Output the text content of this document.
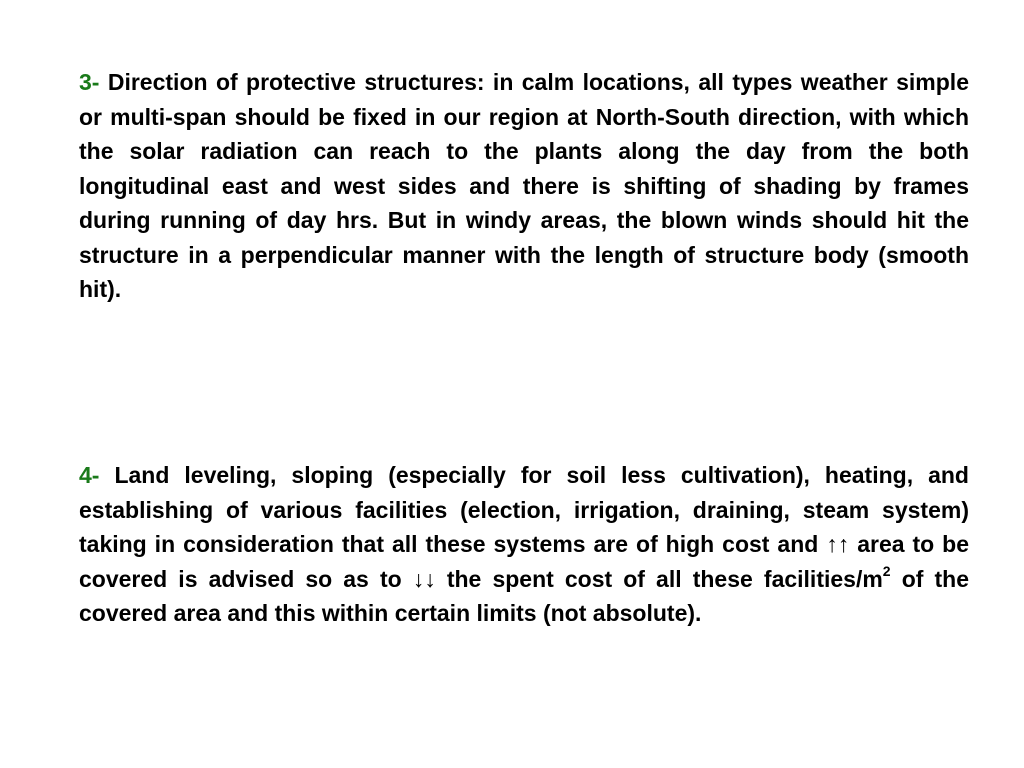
3- Direction of protective structures: in calm locations, all types weather simple or multi-span should be fixed in our region at North-South direction, with which the solar radiation can reach to the plants along the day from the both longitudinal east and west sides and there is shifting of shading by frames during running of day hrs. But in windy areas, the blown winds should hit the structure in a perpendicular manner with the length of structure body (smooth hit).

4- Land leveling, sloping (especially for soil less cultivation), heating, and establishing of various facilities (election, irrigation, draining, steam system) taking in consideration that all these systems are of high cost and ↑↑ area to be covered is advised so as to ↓↓ the spent cost of all these facilities/$m^2$ of the covered area and this within certain limits (not absolute).
